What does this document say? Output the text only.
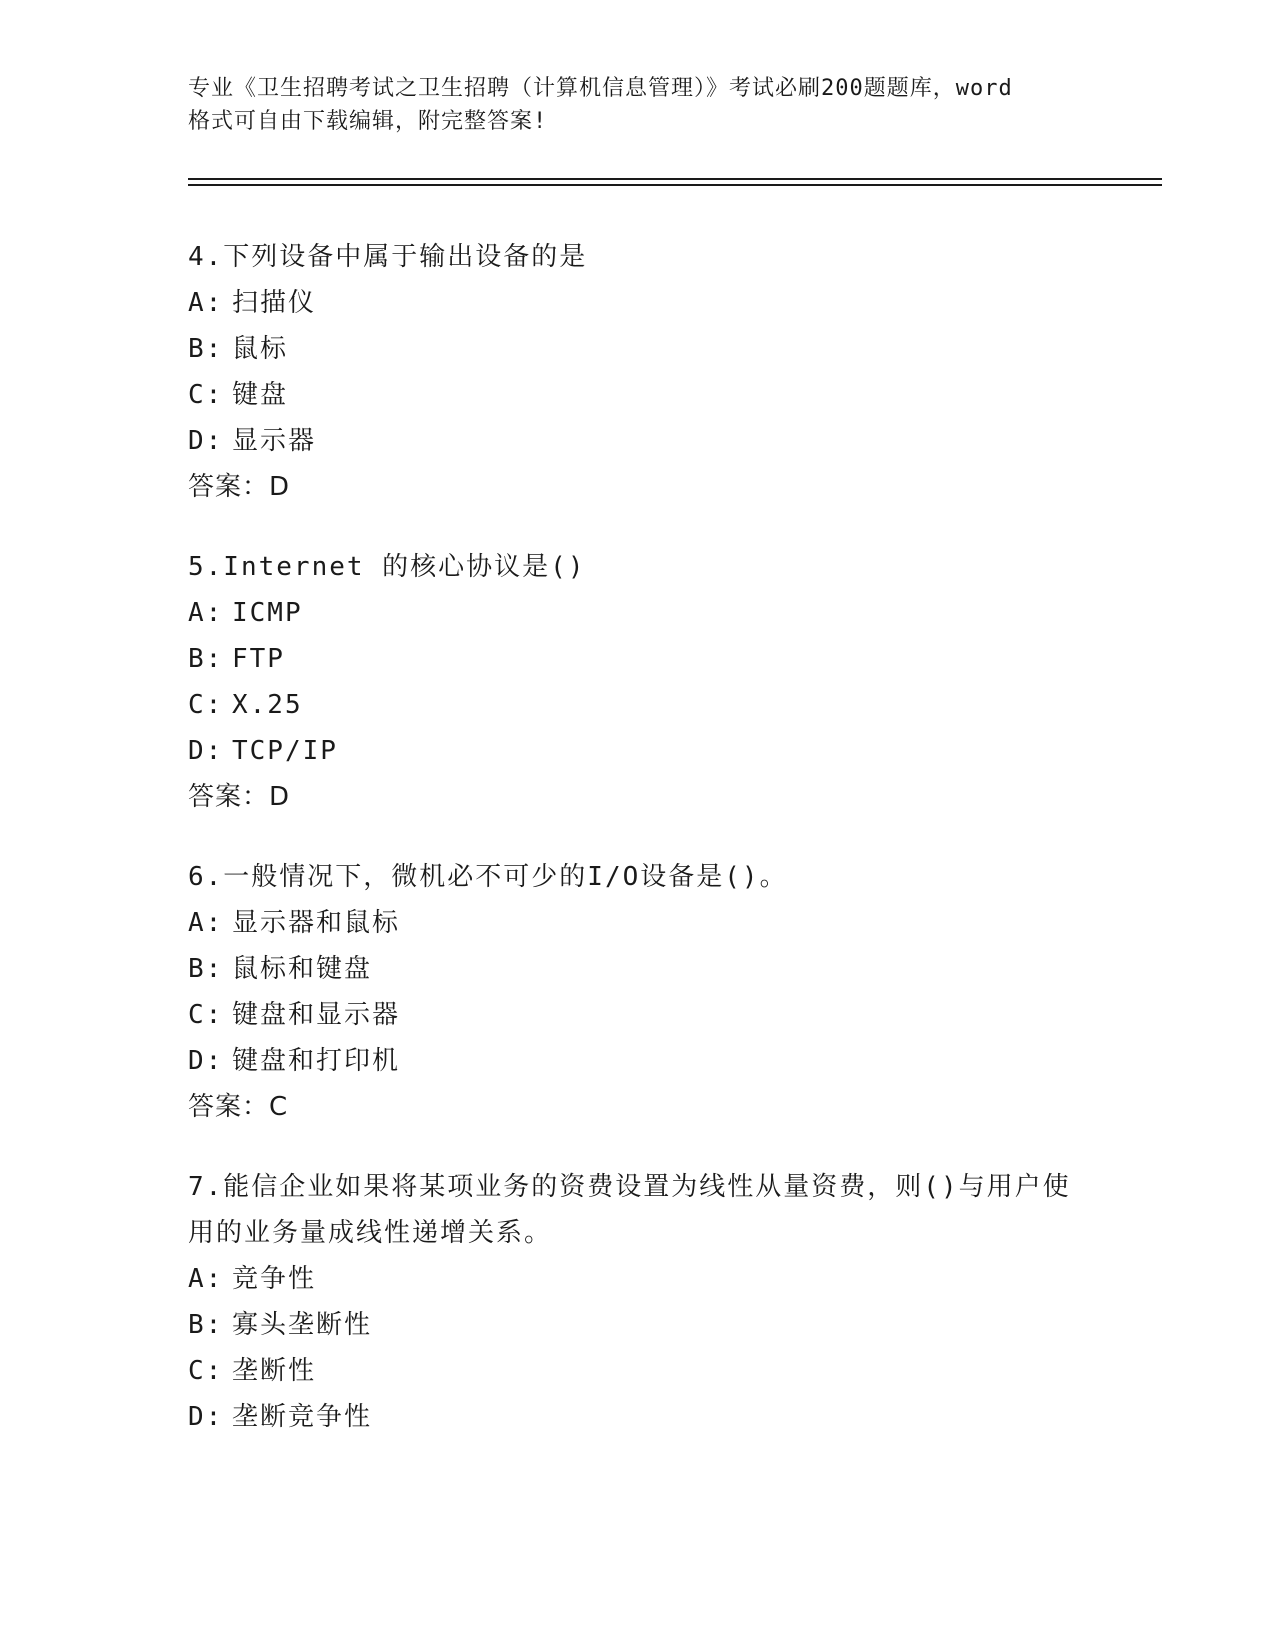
专业《卫生招聘考试之卫生招聘（计算机信息管理）》考试必刷200题题库，word
格式可自由下载编辑，附完整答案!
4.下列设备中属于输出设备的是
A: 扫描仪
B: 鼠标
C: 键盘
D: 显示器
答案：D
5.Internet 的核心协议是()
A: ICMP
B: FTP
C: X.25
D: TCP/IP
答案：D
6.一般情况下，微机必不可少的I/O设备是()。
A: 显示器和鼠标
B: 鼠标和键盘
C: 键盘和显示器
D: 键盘和打印机
答案：C
7.能信企业如果将某项业务的资费设置为线性从量资费，则()与用户使用的业务量成线性递增关系。
A: 竞争性
B: 寡头垄断性
C: 垄断性
D: 垄断竞争性
